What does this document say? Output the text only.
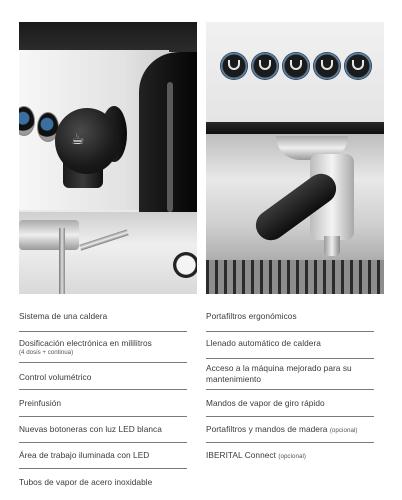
☕
Sistema de una caldera
Dosificación electrónica en mililitros
(4 dosis + continua)
Control volumétrico
Preinfusión
Nuevas botoneras con luz LED blanca
Área de trabajo iluminada con LED
Tubos de vapor de acero inoxidable
Portafiltros ergonómicos
Llenado automático de caldera
Acceso a la máquina mejorado para su mantenimiento
Mandos de vapor de giro rápido
Portafiltros y mandos de madera (opcional)
IBERITAL Connect (opcional)
